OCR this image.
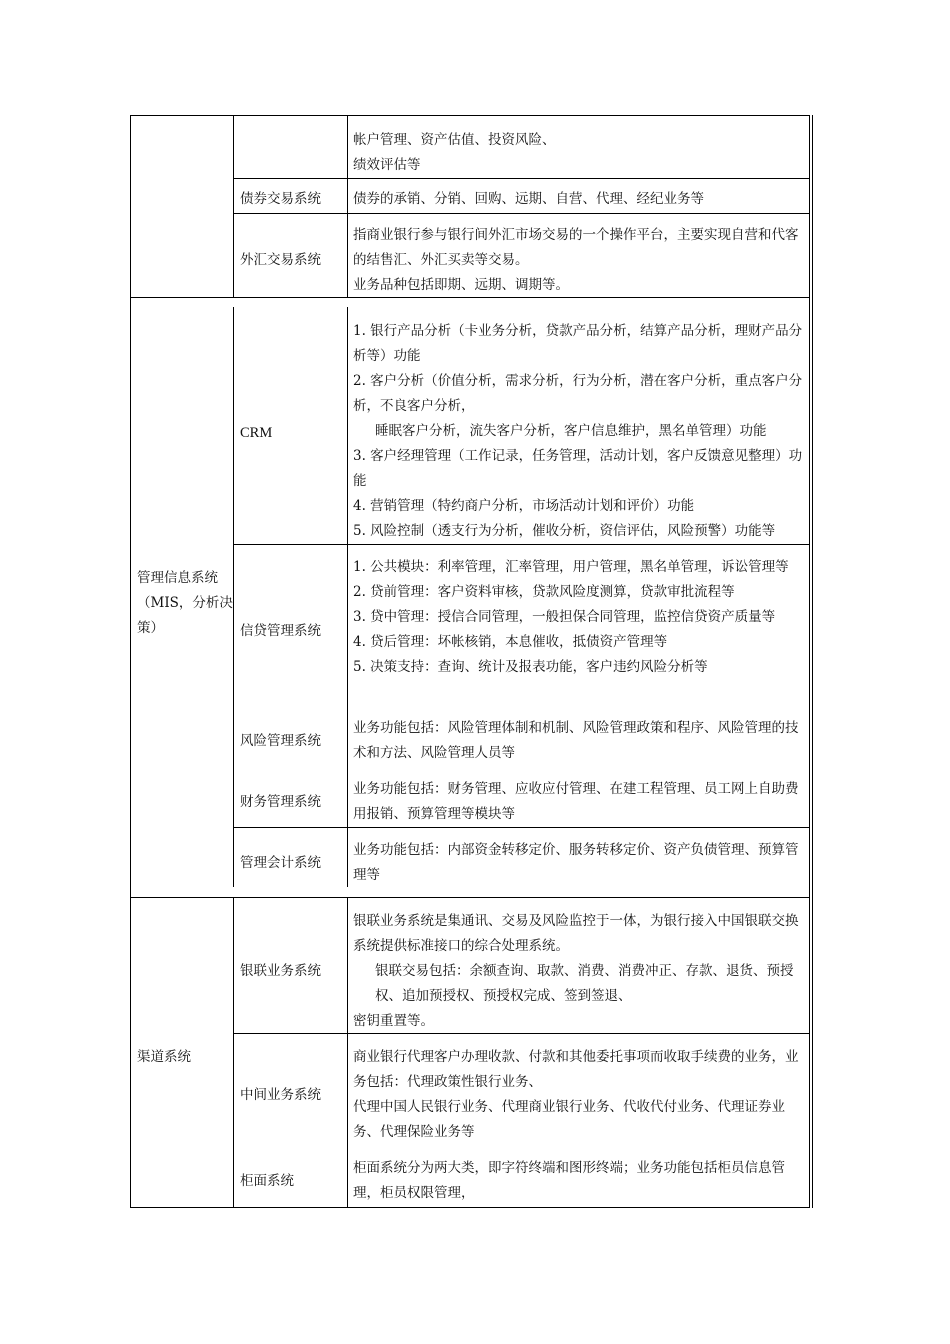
管理信息系统（MIS，分析决策）
渠道系统
债券交易系统
外汇交易系统
CRM
信贷管理系统
风险管理系统
财务管理系统
管理会计系统
银联业务系统
中间业务系统
柜面系统

帐户管理、资产估值、投资风险、

绩效评估等

债券的承销、分销、回购、远期、自营、代理、经纪业务等

指商业银行参与银行间外汇市场交易的一个操作平台，主要实现自营和代客的结售汇、外汇买卖等交易。

业务品种包括即期、远期、调期等。

1. 银行产品分析（卡业务分析，贷款产品分析，结算产品分析，理财产品分析等）功能

2. 客户分析（价值分析，需求分析，行为分析，潜在客户分析，重点客户分析，不良客户分析，

睡眠客户分析，流失客户分析，客户信息维护，黑名单管理）功能

3. 客户经理管理（工作记录，任务管理，活动计划，客户反馈意见整理）功能

4. 营销管理（特约商户分析，市场活动计划和评价）功能

5. 风险控制（透支行为分析，催收分析，资信评估，风险预警）功能等

1. 公共模块：利率管理，汇率管理，用户管理，黑名单管理，诉讼管理等

2. 贷前管理：客户资料审核，贷款风险度测算，贷款审批流程等

3. 贷中管理：授信合同管理，一般担保合同管理，监控信贷资产质量等

4. 贷后管理：坏帐核销，本息催收，抵债资产管理等

5. 决策支持：查询、统计及报表功能，客户违约风险分析等

业务功能包括：风险管理体制和机制、风险管理政策和程序、风险管理的技术和方法、风险管理人员等

业务功能包括：财务管理、应收应付管理、在建工程管理、员工网上自助费用报销、预算管理等模块等

业务功能包括：内部资金转移定价、服务转移定价、资产负债管理、预算管理等

银联业务系统是集通讯、交易及风险监控于一体，为银行接入中国银联交换系统提供标准接口的综合处理系统。

银联交易包括：余额查询、取款、消费、消费冲正、存款、退货、预授权、追加预授权、预授权完成、签到签退、

密钥重置等。

商业银行代理客户办理收款、付款和其他委托事项而收取手续费的业务，业务包括：代理政策性银行业务、

代理中国人民银行业务、代理商业银行业务、代收代付业务、代理证券业务、代理保险业务等

柜面系统分为两大类，即字符终端和图形终端；业务功能包括柜员信息管理，柜员权限管理，
